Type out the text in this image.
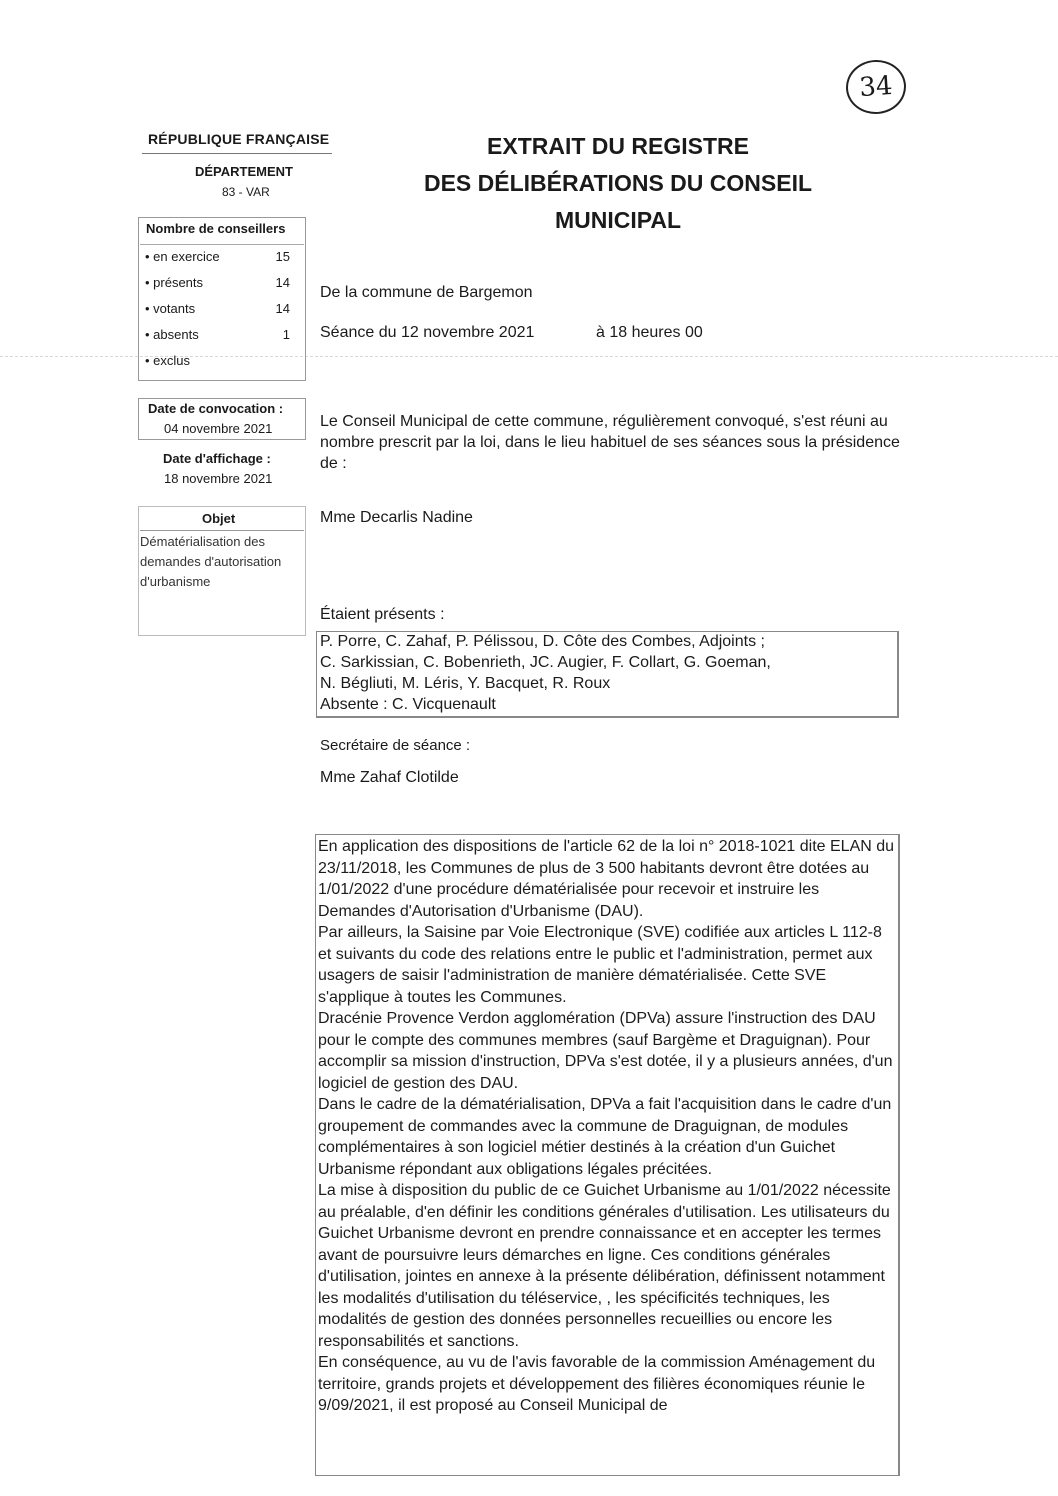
34
RÉPUBLIQUE FRANÇAISE
DÉPARTEMENT
83 - VAR
EXTRAIT DU REGISTRE
DES DÉLIBÉRATIONS DU CONSEIL
MUNICIPAL
Nombre de conseillers
• en exercice	15
• présents	14
• votants	14
• absents	1
• exclus
Date de convocation :
04 novembre 2021
Date d'affichage :
18 novembre 2021
Objet
Dématérialisation des demandes d'autorisation d'urbanisme
De la commune de Bargemon
Séance du 12 novembre 2021	à 18 heures 00
Le Conseil Municipal de cette commune, régulièrement convoqué, s'est réuni au nombre prescrit par la loi, dans le lieu habituel de ses séances sous la présidence de :
Mme Decarlis Nadine
Étaient présents :
P. Porre, C. Zahaf, P. Pélissou, D. Côte des Combes, Adjoints ;
C. Sarkissian, C. Bobenrieth, JC. Augier, F. Collart, G. Goeman,
N. Bégliuti, M. Léris, Y. Bacquet, R. Roux
Absente : C. Vicquenault
Secrétaire de séance :
Mme Zahaf Clotilde

En application des dispositions de l'article 62 de la loi n° 2018-1021 dite ELAN du 23/11/2018, les Communes de plus de 3 500 habitants devront être dotées au 1/01/2022 d'une procédure dématérialisée pour recevoir et instruire les Demandes d'Autorisation d'Urbanisme (DAU).

Par ailleurs, la Saisine par Voie Electronique (SVE) codifiée aux articles L 112-8 et suivants du code des relations entre le public et l'administration, permet aux usagers de saisir l'administration de manière dématérialisée. Cette SVE s'applique à toutes les Communes.

Dracénie Provence Verdon agglomération (DPVa) assure l'instruction des DAU pour le compte des communes membres (sauf Bargème et Draguignan). Pour accomplir sa mission d'instruction, DPVa s'est dotée, il y a plusieurs années, d'un logiciel de gestion des DAU.

Dans le cadre de la dématérialisation, DPVa a fait l'acquisition dans le cadre d'un groupement de commandes avec la commune de Draguignan, de modules complémentaires à son logiciel métier destinés à la création d'un Guichet Urbanisme répondant aux obligations légales précitées.

La mise à disposition du public de ce Guichet Urbanisme au 1/01/2022 nécessite au préalable, d'en définir les conditions générales d'utilisation. Les utilisateurs du Guichet Urbanisme devront en prendre connaissance et en accepter les termes avant de poursuivre leurs démarches en ligne. Ces conditions générales d'utilisation, jointes en annexe à la présente délibération, définissent notamment les modalités d'utilisation du téléservice, , les spécificités techniques, les modalités de gestion des données personnelles recueillies ou encore les responsabilités et sanctions.

En conséquence, au vu de l'avis favorable de la commission Aménagement du territoire, grands projets et développement des filières économiques réunie le 9/09/2021, il est proposé au Conseil Municipal de
